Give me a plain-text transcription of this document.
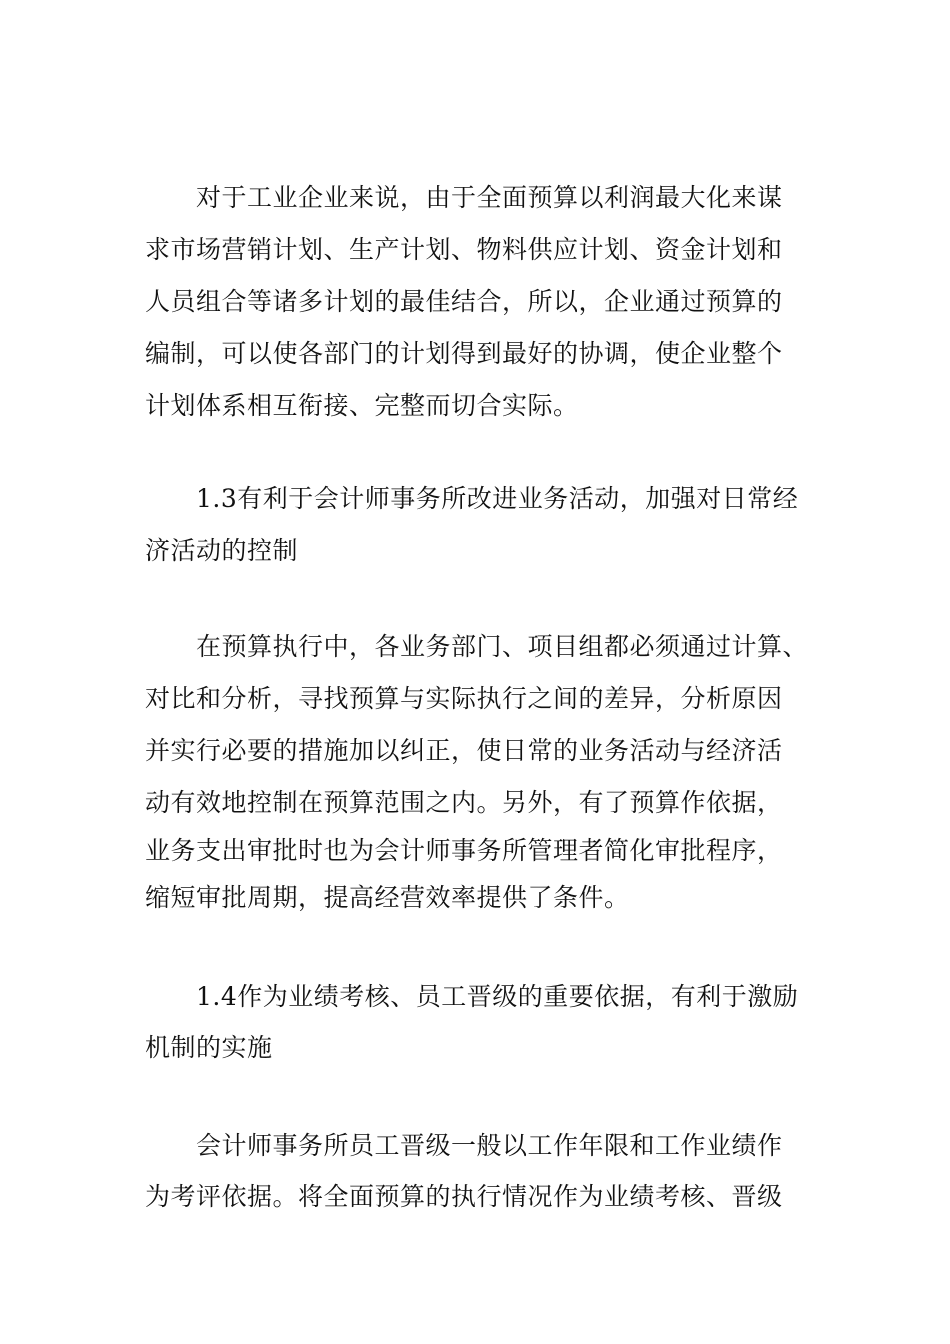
对于工业企业来说，由于全面预算以利润最大化来谋

求市场营销计划、生产计划、物料供应计划、资金计划和

人员组合等诸多计划的最佳结合，所以，企业通过预算的

编制，可以使各部门的计划得到最好的协调，使企业整个

计划体系相互衔接、完整而切合实际。

1.3有利于会计师事务所改进业务活动，加强对日常经

济活动的控制

在预算执行中，各业务部门、项目组都必须通过计算、

对比和分析，寻找预算与实际执行之间的差异，分析原因

并实行必要的措施加以纠正，使日常的业务活动与经济活

动有效地控制在预算范围之内。另外，有了预算作依据，

业务支出审批时也为会计师事务所管理者简化审批程序，

缩短审批周期，提高经营效率提供了条件。

1.4作为业绩考核、员工晋级的重要依据，有利于激励

机制的实施

会计师事务所员工晋级一般以工作年限和工作业绩作

为考评依据。将全面预算的执行情况作为业绩考核、晋级
